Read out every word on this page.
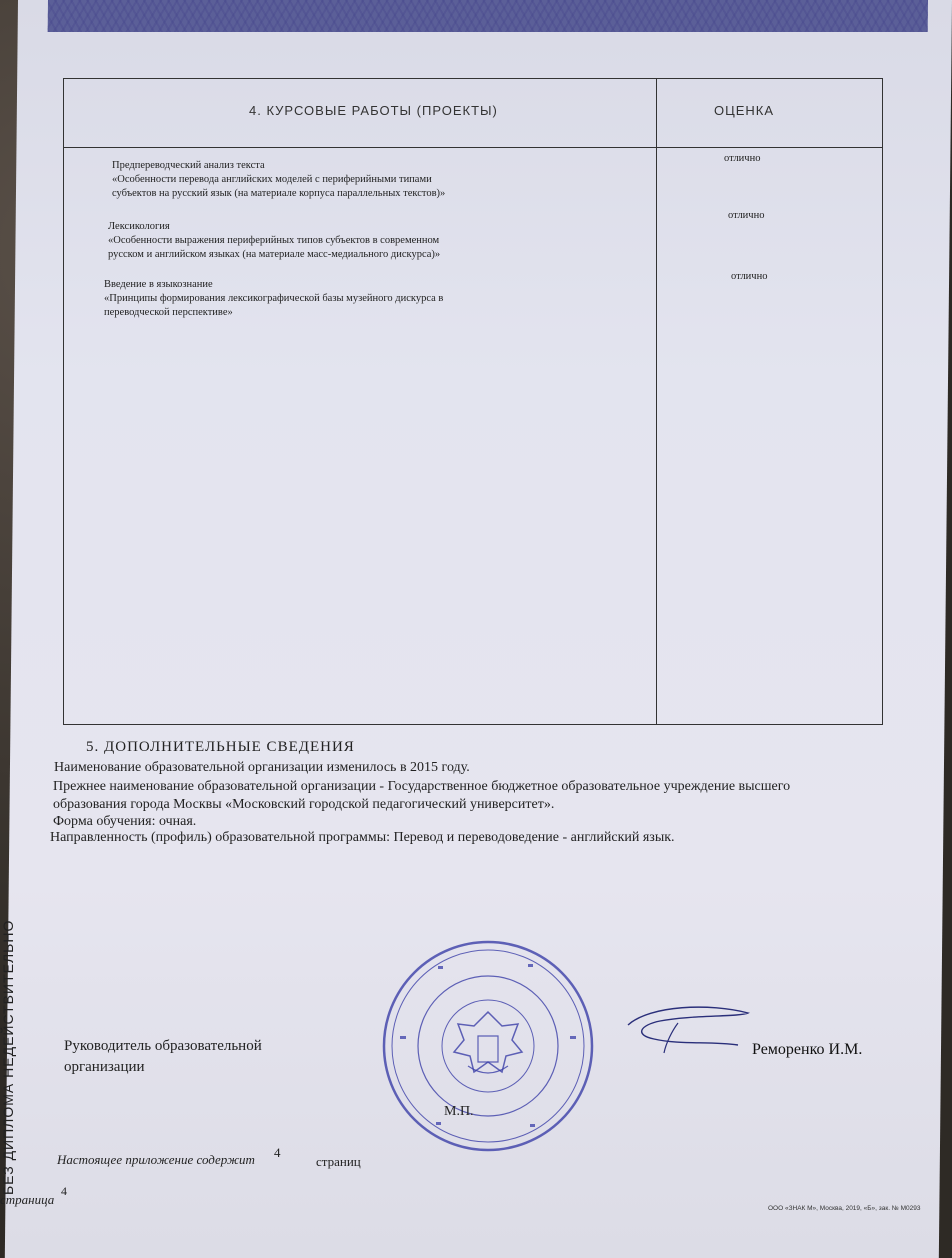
4. КУРСОВЫЕ РАБОТЫ (ПРОЕКТЫ)	ОЦЕНКА
Предпереводческий анализ текста
«Особенности перевода английских моделей с периферийными типами
субъектов на русский язык (на материале корпуса параллельных текстов)»
отлично
Лексикология
«Особенности выражения периферийных типов субъектов в современном
русском и английском языках (на материале масс-медиального дискурса)»
отлично
Введение в языкознание
«Принципы формирования лексикографической базы музейного дискурса в
переводческой перспективе»
отлично
5. ДОПОЛНИТЕЛЬНЫЕ СВЕДЕНИЯ
Наименование образовательной организации изменилось в 2015 году.
Прежнее наименование образовательной организации - Государственное бюджетное образовательное учреждение высшего
образования города Москвы «Московский городской педагогический университет».
Форма обучения: очная.
Направленность (профиль) образовательной программы: Перевод и переводоведение - английский язык.
БЕЗ ДИПЛОМА НЕДЕЙСТВИТЕЛЬНО	Руководитель образовательной организации
М.П.
Реморенко И.М.
Настоящее приложение содержит 4
страниц
страница
4
ООО «ЗНАК М», Москва, 2019, «Б», зак. № М0293
